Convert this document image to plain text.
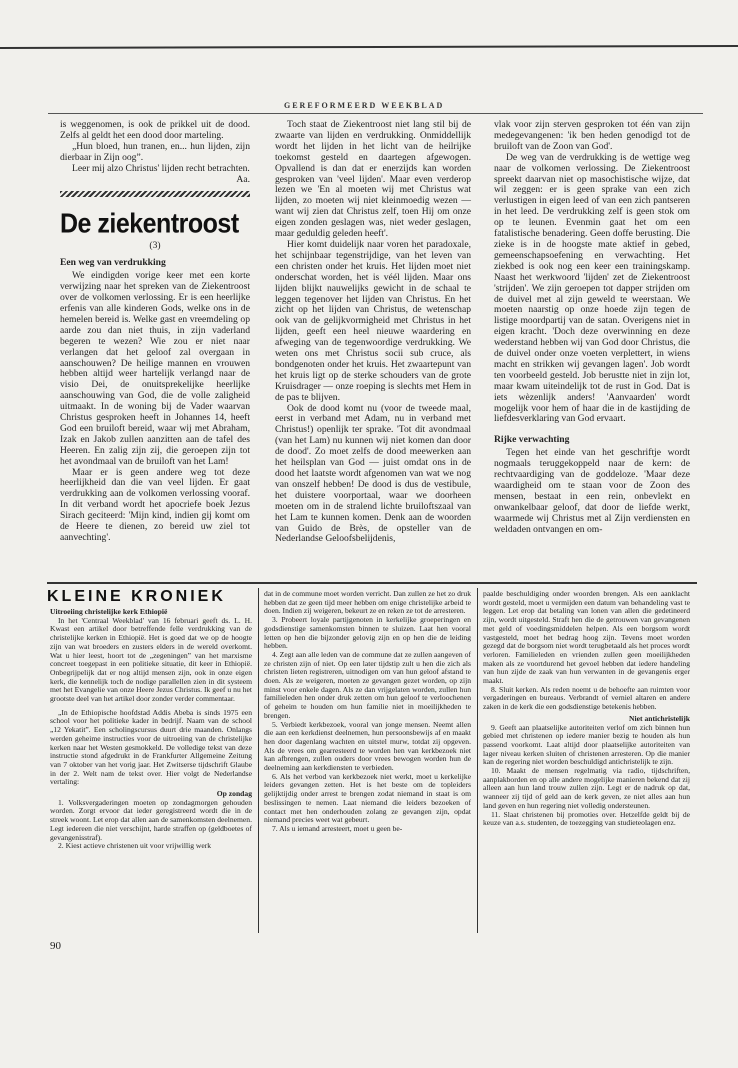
GEREFORMEERD WEEKBLAD

is weggenomen, is ook de prikkel uit de dood. Zelfs al geldt het een dood door marteling.

„Hun bloed, hun tranen, en... hun lijden, zijn dierbaar in Zijn oog”.

Leer mij alzo Christus' lijden recht betrachten.

Aa.
De ziekentroost
(3)
Een weg van verdrukking

We eindigden vorige keer met een korte verwijzing naar het spreken van de Ziekentroost over de volkomen verlossing. Er is een heerlijke erfenis van alle kinderen Gods, welke ons in de hemelen bereid is. Welke gast en vreemdeling op aarde zou dan niet thuis, in zijn vaderland begeren te wezen? Wie zou er niet naar verlangen dat het geloof zal overgaan in aanschouwen? De heilige mannen en vrouwen hebben altijd weer hartelijk verlangd naar de visio Dei, de onuitsprekelijke heerlijke aanschouwing van God, die de volle zaligheid uitmaakt. In de woning bij de Vader waarvan Christus gesproken heeft in Johannes 14, heeft God een bruiloft bereid, waar wij met Abraham, Izak en Jakob zullen aanzitten aan de tafel des Heeren. En zalig zijn zij, die geroepen zijn tot het avondmaal van de bruiloft van het Lam!

Maar er is geen andere weg tot deze heerlijkheid dan die van veel lijden. Er gaat verdrukking aan de volkomen verlossing vooraf. In dit verband wordt het apocriefe boek Jezus Sirach geciteerd: 'Mijn kind, indien gij komt om de Heere te dienen, zo bereid uw ziel tot aanvechting'.

Toch staat de Ziekentroost niet lang stil bij de zwaarte van lijden en verdrukking. Onmiddellijk wordt het lijden in het licht van de heilrijke toekomst gesteld en daartegen afgewogen. Opvallend is dan dat er enerzijds kan worden gesproken van 'veel lijden'. Maar even verderop lezen we 'En al moeten wij met Christus wat lijden, zo moeten wij niet kleinmoedig wezen — want wij zien dat Christus zelf, toen Hij om onze eigen zonden geslagen was, niet weder geslagen, maar geduldig geleden heeft'.

Hier komt duidelijk naar voren het paradoxale, het schijnbaar tegenstrijdige, van het leven van een christen onder het kruis. Het lijden moet niet onderschat worden, het is véél lijden. Maar ons lijden blijkt nauwelijks gewicht in de schaal te leggen tegenover het lijden van Christus. En het zicht op het lijden van Christus, de wetenschap ook van de gelijkvormigheid met Christus in het lijden, geeft een heel nieuwe waardering en afweging van de tegenwoordige verdrukking. We weten ons met Christus socii sub cruce, als bondgenoten onder het kruis. Het zwaartepunt van het kruis ligt op de sterke schouders van de grote Kruisdrager — onze roeping is slechts met Hem in de pas te blijven.

Ook de dood komt nu (voor de tweede maal, eerst in verband met Adam, nu in verband met Christus!) openlijk ter sprake. 'Tot dit avondmaal (van het Lam) nu kunnen wij niet komen dan door de dood'. Zo moet zelfs de dood meewerken aan het heilsplan van God — juist omdat ons in de dood het laatste wordt afgenomen van wat we nog van onszelf hebben! De dood is dus de vestibule, het duistere voorportaal, waar we doorheen moeten om in de stralend lichte bruiloftszaal van het Lam te kunnen komen. Denk aan de woorden van Guido de Brès, de opsteller van de Nederlandse Geloofsbelijdenis,

vlak voor zijn sterven gesproken tot één van zijn medegevangenen: 'ik ben heden genodigd tot de bruiloft van de Zoon van God'.

De weg van de verdrukking is de wettige weg naar de volkomen verlossing. De Ziekentroost spreekt daarvan niet op masochistische wijze, dat wil zeggen: er is geen sprake van een zich verlustigen in eigen leed of van een zich pantseren in het leed. De verdrukking zelf is geen stok om op te leunen. Evenmin gaat het om een fatalistische benadering. Geen doffe berusting. Die zieke is in de hoogste mate aktief in gebed, gemeenschapsoefening en verwachting. Het ziekbed is ook nog een keer een trainingskamp. Naast het werkwoord 'lijden' zet de Ziekentroost 'strijden'. We zijn geroepen tot dapper strijden om de duivel met al zijn geweld te weerstaan. We moeten naarstig op onze hoede zijn tegen de listige moordpartij van de satan. Overigens niet in eigen kracht. 'Doch deze overwinning en deze wederstand hebben wij van God door Christus, die de duivel onder onze voeten verplettert, in wiens macht en strikken wij gevangen lagen'. Job wordt ten voorbeeld gesteld. Job berustte niet in zijn lot, maar kwam uiteindelijk tot de rust in God. Dat is iets wèzenlijk anders! 'Aanvaarden' wordt mogelijk voor hem of haar die in de kastijding de liefdesverklaring van God ervaart.

Rijke verwachting

Tegen het einde van het geschriftje wordt nogmaals teruggekoppeld naar de kern: de rechtvaardiging van de goddeloze. 'Maar deze waardigheid om te staan voor de Zoon des mensen, bestaat in een rein, onbevlekt en onwankelbaar geloof, dat door de liefde werkt, waarmede wij Christus met al Zijn verdiensten en weldaden ontvangen en om-

KLEINE KRONIEK

Uitroeiing christelijke kerk Ethiopië

In het 'Centraal Weekblad' van 16 februari geeft ds. L. H. Kwast een artikel door betreffende felle verdrukking van de christelijke kerken in Ethiopië. Het is goed dat we op de hoogte zijn van wat broeders en zusters elders in de wereld overkomt. Wat u hier leest, hoort tot de „zegeningen” van het marxisme concreet toegepast in een politieke situatie, dit keer in Ethiopië. Onbegrijpelijk dat er nog altijd mensen zijn, ook in onze eigen kerk, die kennelijk toch de nodige parallellen zien in dit systeem met het Evangelie van onze Heere Jezus Christus. Ik geef u nu het grootste deel van het artikel door zonder verder commentaar.

„In de Ethiopische hoofdstad Addis Abeba is sinds 1975 een school voor het politieke kader in bedrijf. Naam van de school „12 Yekatit”. Een scholingscursus duurt drie maanden. Onlangs werden geheime instructies voor de uitroeiing van de christelijke kerken naar het Westen gesmokkeld. De volledige tekst van deze instructie stond afgedrukt in de Frankfurter Allgemeine Zeitung van 7 oktober van het vorig jaar. Het Zwitserse tijdschrift Glaube in der 2. Welt nam de tekst over. Hier volgt de Nederlandse vertaling:

Op zondag

1. Volksvergaderingen moeten op zondagmorgen gehouden worden. Zorgt ervoor dat ieder geregistreerd wordt die in de streek woont. Let erop dat allen aan de samenkomsten deelnemen. Legt iedereen die niet verschijnt, harde straffen op (geldboetes of gevangenisstraf).

2. Kiest actieve christenen uit voor vrijwillig werk

dat in de commune moet worden verricht. Dan zullen ze het zo druk hebben dat ze geen tijd meer hebben om enige christelijke arbeid te doen. Indien zij weigeren, bekeurt ze en reken ze tot de arresteren.

3. Probeert loyale partijgenoten in kerkelijke groeperingen en godsdienstige samenkomsten binnen te sluizen. Laat hen vooral letten op hen die bijzonder gelovig zijn en op hen die de leiding hebben.

4. Zegt aan alle leden van de commune dat ze zullen aangeven of ze christen zijn of niet. Op een later tijdstip zult u hen die zich als christen lieten registreren, uitnodigen om van hun geloof afstand te doen. Als ze weigeren, moeten ze gevangen gezet worden, op zijn minst voor enkele dagen. Als ze dan vrijgelaten worden, zullen hun familieleden hen onder druk zetten om hun geloof te verloochenen of geheim te houden om hun familie niet in moeilijkheden te brengen.

5. Verbiedt kerkbezoek, vooral van jonge mensen. Neemt allen die aan een kerkdienst deelnemen, hun persoonsbewijs af en maakt hen door dagenlang wachten en uitstel murw, totdat zij opgeven. Als de vrees om gearresteerd te worden hen van kerkbezoek niet kan afbrengen, zullen ouders door vrees bewogen worden hun de deelneming aan kerkdiensten te verbieden.

6. Als het verbod van kerkbezoek niet werkt, moet u kerkelijke leiders gevangen zetten. Het is het beste om de topleiders gelijktijdig onder arrest te brengen zodat niemand in staat is om beslissingen te nemen. Laat niemand die leiders bezoeken of contact met hen onderhouden zolang ze gevangen zijn, opdat niemand precies weet wat gebeurt.

7. Als u iemand arresteert, moet u geen be-

paalde beschuldiging onder woorden brengen. Als een aanklacht wordt gesteld, moet u vermijden een datum van behandeling vast te leggen. Let erop dat betaling van lonen van allen die gedetineerd zijn, wordt uitgesteld. Straft hen die de getrouwen van gevangenen met geld of voedingsmiddelen helpen. Als een borgsom wordt vastgesteld, moet het bedrag hoog zijn. Tevens moet worden gezegd dat de borgsom niet wordt terugbetaald als het proces wordt verloren. Familieleden en vrienden zullen geen moeilijkheden maken als ze voortdurend het gevoel hebben dat iedere handeling van hun zijde de zaak van hun verwanten in de gevangenis erger maakt.

8. Sluit kerken. Als reden noemt u de behoefte aan ruimten voor vergaderingen en bureaus. Verbrandt of verniel altaren en andere zaken in de kerk die een godsdienstige betekenis hebben.

Niet antichristelijk

9. Geeft aan plaatselijke autoriteiten verlof om zich binnen hun gebied met christenen op iedere manier bezig te houden als hun passend voorkomt. Laat altijd door plaatselijke autoriteiten van lager niveau kerken sluiten of christenen arresteren. Op die manier kan de regering niet worden beschuldigd antichristelijk te zijn.

10. Maakt de mensen regelmatig via radio, tijdschriften, aanplakborden en op alle andere mogelijke manieren bekend dat zij alleen aan hun land trouw zullen zijn. Legt er de nadruk op dat, wanneer zij tijd of geld aan de kerk geven, ze niet alles aan hun land geven en hun regering niet volledig ondersteunen.

11. Slaat christenen bij promoties over. Hetzelfde geldt bij de keuze van a.s. studenten, de toezegging van studieteolagen enz.

90
